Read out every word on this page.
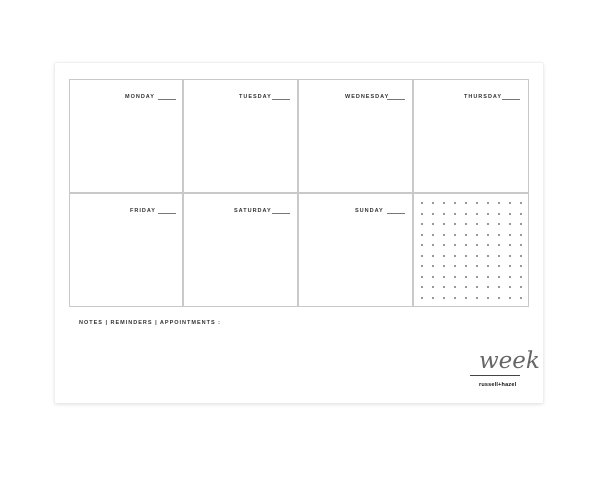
MONDAY	TUESDAY	WEDNESDAY	THURSDAY
FRIDAY	SATURDAY	SUNDAY
NOTES | REMINDERS | APPOINTMENTS :
week
russell+hazel
